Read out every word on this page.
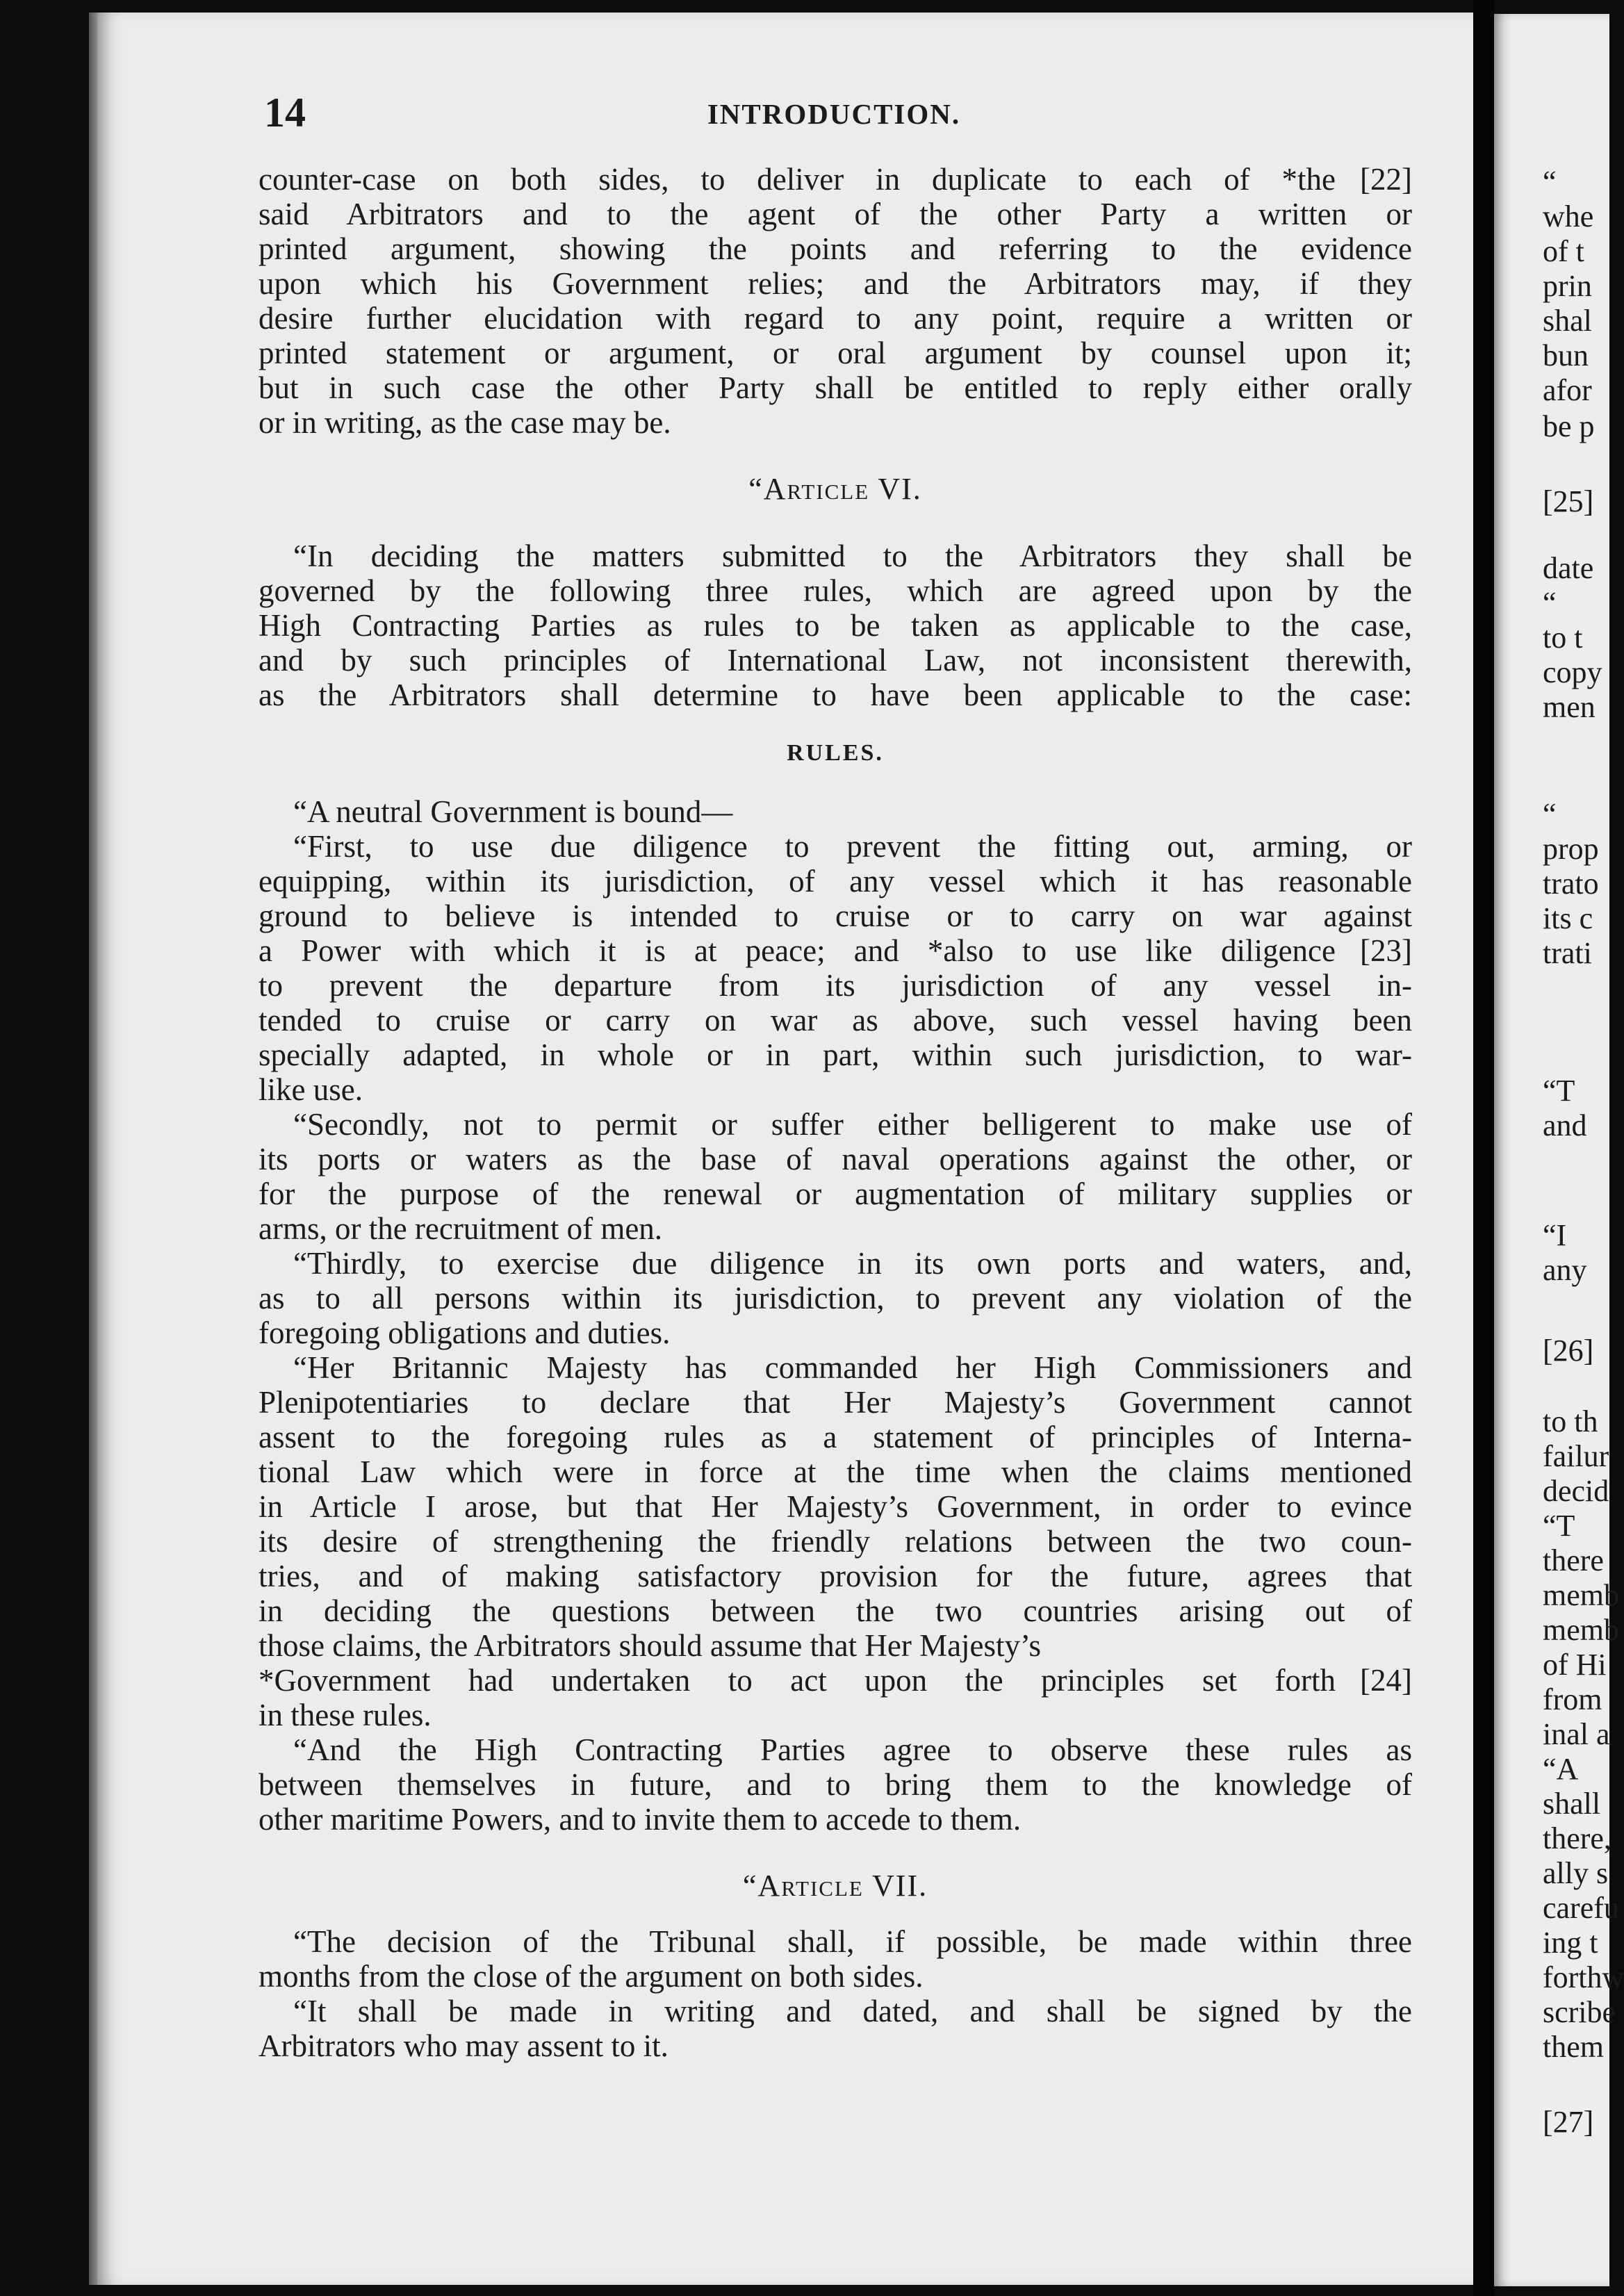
“
whe
of t
prin
shal
bun
afor
be p
[25]
date
“
to t
copy
men
“
prop
trato
its c
trati
“T
and
“I
any
[26]
to th
failur
decid
“T
there
memb
memb
of Hi
from
inal a
“A
shall
there,
ally s
carefu
ing t
forthw
scribe
them
[27]
14	INTRODUCTION.
counter-case on both sides, to deliver in duplicate to each of *the [22]
said Arbitrators and to the agent of the other Party a written or
printed argument, showing the points and referring to the evidence
upon which his Government relies; and the Arbitrators may, if they
desire further elucidation with regard to any point, require a written or
printed statement or argument, or oral argument by counsel upon it;
but in such case the other Party shall be entitled to reply either orally
or in writing, as the case may be.
“Article VI.
“In deciding the matters submitted to the Arbitrators they shall be
governed by the following three rules, which are agreed upon by the
High Contracting Parties as rules to be taken as applicable to the case,
and by such principles of International Law, not inconsistent therewith,
as the Arbitrators shall determine to have been applicable to the case:
RULES.
“A neutral Government is bound—
“First, to use due diligence to prevent the fitting out, arming, or
equipping, within its jurisdiction, of any vessel which it has reasonable
ground to believe is intended to cruise or to carry on war against
a Power with which it is at peace; and *also to use like diligence [23]
to prevent the departure from its jurisdiction of any vessel in-
tended to cruise or carry on war as above, such vessel having been
specially adapted, in whole or in part, within such jurisdiction, to war-
like use.
“Secondly, not to permit or suffer either belligerent to make use of
its ports or waters as the base of naval operations against the other, or
for the purpose of the renewal or augmentation of military supplies or
arms, or the recruitment of men.
“Thirdly, to exercise due diligence in its own ports and waters, and,
as to all persons within its jurisdiction, to prevent any violation of the
foregoing obligations and duties.
“Her Britannic Majesty has commanded her High Commissioners and
Plenipotentiaries to declare that Her Majesty’s Government cannot
assent to the foregoing rules as a statement of principles of Interna-
tional Law which were in force at the time when the claims mentioned
in Article I arose, but that Her Majesty’s Government, in order to evince
its desire of strengthening the friendly relations between the two coun-
tries, and of making satisfactory provision for the future, agrees that
in deciding the questions between the two countries arising out of
those claims, the Arbitrators should assume that Her Majesty’s
*Government had undertaken to act upon the principles set forth [24]
in these rules.
“And the High Contracting Parties agree to observe these rules as
between themselves in future, and to bring them to the knowledge of
other maritime Powers, and to invite them to accede to them.
“Article VII.
“The decision of the Tribunal shall, if possible, be made within three
months from the close of the argument on both sides.
“It shall be made in writing and dated, and shall be signed by the
Arbitrators who may assent to it.
